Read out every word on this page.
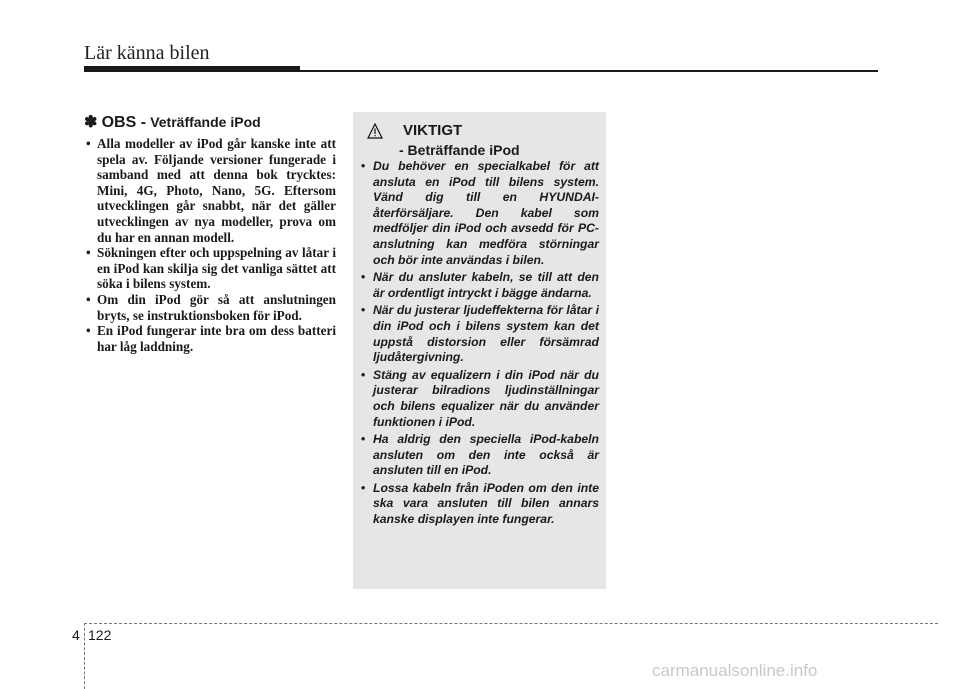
Lär känna bilen
✽ OBS - Veträffande iPod
• Alla modeller av iPod går kanske inte att spela av. Följande versioner fungerade i samband med att denna bok trycktes: Mini, 4G, Photo, Nano, 5G. Eftersom utvecklingen går snabbt, när det gäller utvecklingen av nya modeller, prova om du har en annan modell.
• Sökningen efter och uppspelning av låtar i en iPod kan skilja sig det vanliga sättet att söka i bilens system.
• Om din iPod gör så att anslutningen bryts, se instruktionsboken för iPod.
• En iPod fungerar inte bra om dess batteri har låg laddning.
VIKTIGT
- Beträffande iPod
• Du behöver en specialkabel för att ansluta en iPod till bilens system. Vänd dig till en HYUNDAI-återförsäljare. Den kabel som medföljer din iPod och avsedd för PC-anslutning kan medföra störningar och bör inte användas i bilen.
• När du ansluter kabeln, se till att den är ordentligt intryckt i bägge ändarna.
• När du justerar ljudeffekterna för låtar i din iPod och i bilens system kan det uppstå distorsion eller försämrad ljudåtergivning.
• Stäng av equalizern i din iPod när du justerar bilradions ljudinställningar och bilens equalizer när du använder funktionen i iPod.
• Ha aldrig den speciella iPod-kabeln ansluten om den inte också är ansluten till en iPod.
• Lossa kabeln från iPoden om den inte ska vara ansluten till bilen annars kanske displayen inte fungerar.
4 122
carmanualsonline.info
